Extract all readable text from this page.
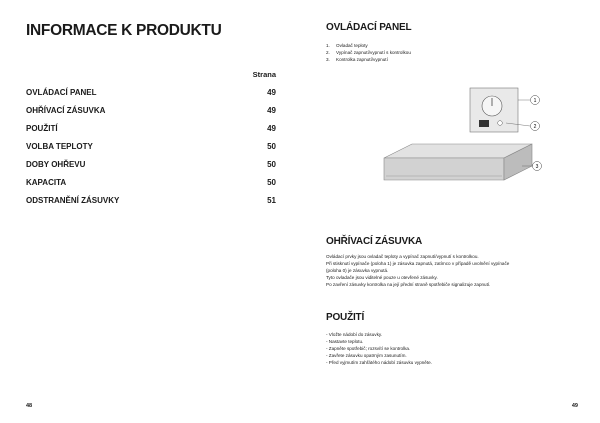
INFORMACE K PRODUKTU
Strana
OVLÁDACÍ PANEL	49
OHŘÍVACÍ ZÁSUVKA	49
POUŽITÍ	49
VOLBA TEPLOTY	50
DOBY OHŘEVU	50
KAPACITA	50
ODSTRANĚNÍ ZÁSUVKY	51
48
OVLÁDACÍ PANEL
1. Ovladač teploty
2. Vypínač zapnutí/vypnutí s kontrolkou
3. Kontrolka zapnutí/vypnutí
1
2
3
OHŘÍVACÍ ZÁSUVKA
Ovládací prvky jsou ovladač teploty a vypínač zapnutí/vypnutí s kontrolkou.
Při stisknutí vypínače (poloha 1) je zásuvka zapnutá, zatímco v případě uvolnění vypínače
(poloha 0) je zásuvka vypnutá.
Tyto ovladače jsou viditelné pouze u otevřené zásuvky.
Po zavření zásuvky kontrolka na její přední straně spotřebiče signalizuje zapnutí.
POUŽITÍ
- Vložte nádobí do zásuvky.
- Nastavte teplotu.
- Zapněte spotřebič; rozsvítí se kontrolka.
- Zavřete zásuvku opatrným zasunutím.
- Před vyjmutím zahřátého nádobí zásuvku vypněte.
49
